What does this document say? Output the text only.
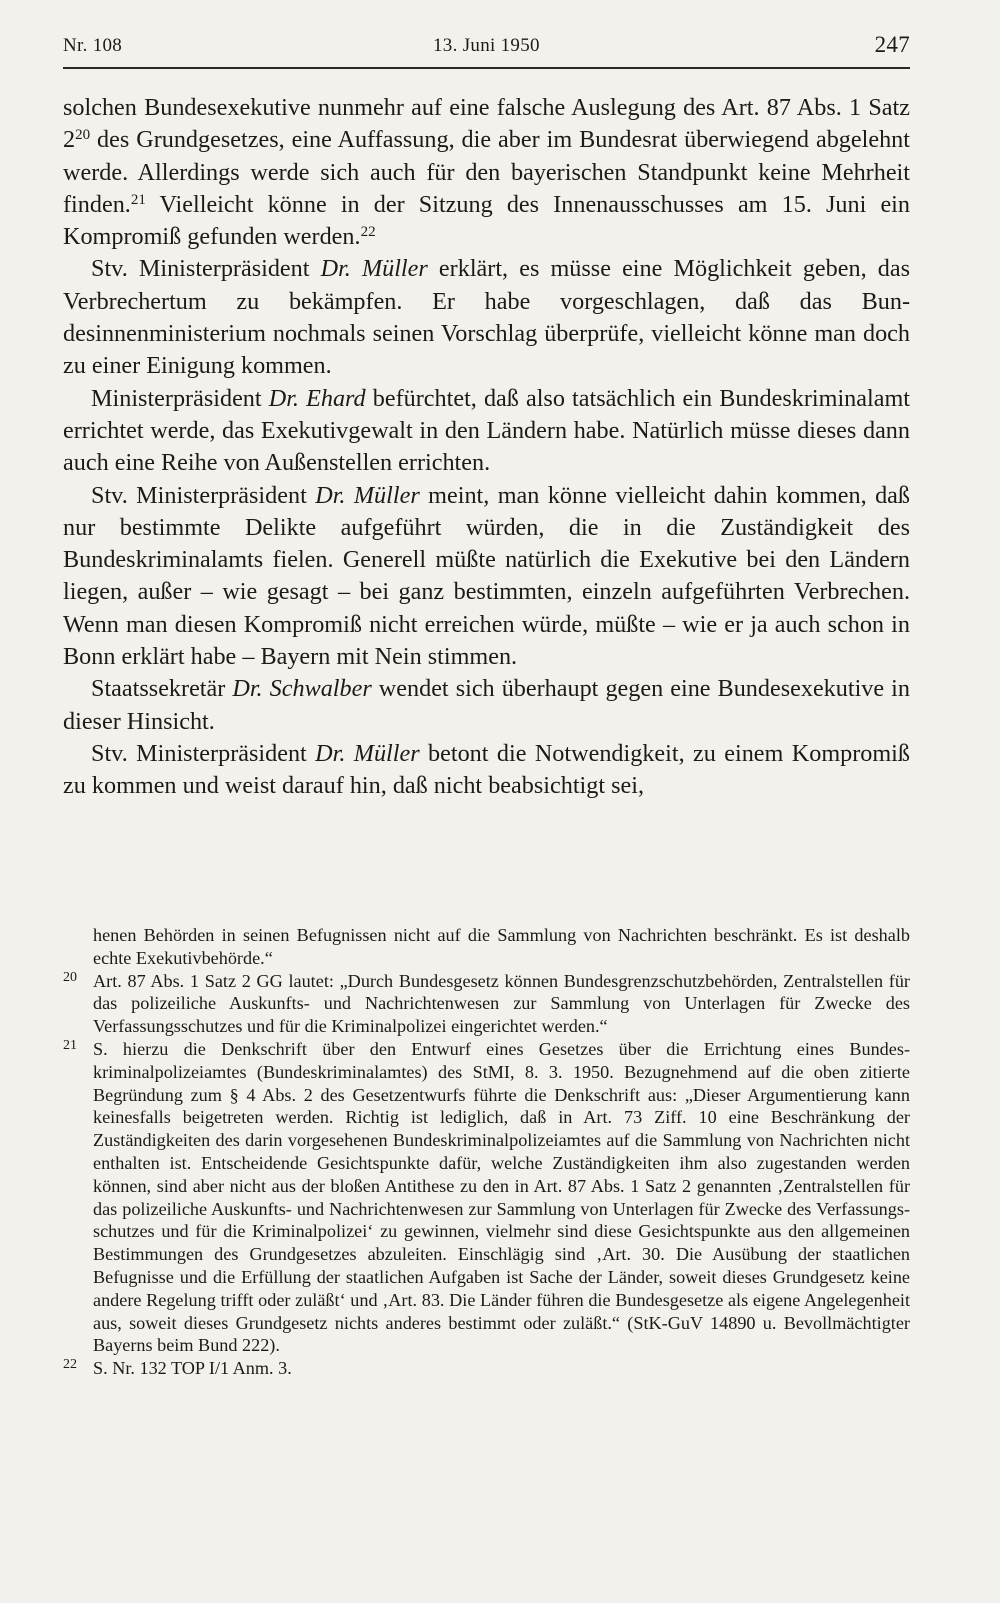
Nr. 108	13. Juni 1950	247

solchen Bundesexekutive nunmehr auf eine falsche Auslegung des Art. 87 Abs. 1 Satz $2^{20}$ des Grundgesetzes, eine Auffassung, die aber im Bundesrat überwiegend abgelehnt werde. Allerdings werde sich auch für den bayerischen Standpunkt keine Mehrheit finden.$^{21}$ Vielleicht könne in der Sitzung des Innenausschusses am 15. Juni ein Kompromiß gefunden werden.$^{22}$

Stv. Ministerpräsident Dr. Müller erklärt, es müsse eine Möglichkeit geben, das Verbrechertum zu bekämpfen. Er habe vorgeschlagen, daß das Bundesinnenministerium nochmals seinen Vorschlag überprüfe, vielleicht könne man doch zu einer Einigung kommen.

Ministerpräsident Dr. Ehard befürchtet, daß also tatsächlich ein Bundeskriminalamt errichtet werde, das Exekutivgewalt in den Ländern habe. Natürlich müsse dieses dann auch eine Reihe von Außenstellen errichten.

Stv. Ministerpräsident Dr. Müller meint, man könne vielleicht dahin kommen, daß nur bestimmte Delikte aufgeführt würden, die in die Zuständigkeit des Bundeskriminalamts fielen. Generell müßte natürlich die Exekutive bei den Ländern liegen, außer – wie gesagt – bei ganz bestimmten, einzeln aufgeführten Verbrechen. Wenn man diesen Kompromiß nicht erreichen würde, müßte – wie er ja auch schon in Bonn erklärt habe – Bayern mit Nein stimmen.

Staatssekretär Dr. Schwalber wendet sich überhaupt gegen eine Bundesexekutive in dieser Hinsicht.

Stv. Ministerpräsident Dr. Müller betont die Notwendigkeit, zu einem Kompromiß zu kommen und weist darauf hin, daß nicht beabsichtigt sei,

henen Behörden in seinen Befugnissen nicht auf die Sammlung von Nachrichten beschränkt. Es ist deshalb echte Exekutivbehörde.“

20 Art. 87 Abs. 1 Satz 2 GG lautet: „Durch Bundesgesetz können Bundesgrenzschutzbehörden, Zentralstellen für das polizeiliche Auskunfts- und Nachrichtenwesen zur Sammlung von Unterlagen für Zwecke des Verfassungsschutzes und für die Kriminalpolizei eingerichtet werden.“

21 S. hierzu die Denkschrift über den Entwurf eines Gesetzes über die Errichtung eines Bundeskriminalpolizeiamtes (Bundeskriminalamtes) des StMI, 8. 3. 1950. Bezugnehmend auf die oben zitierte Begründung zum § 4 Abs. 2 des Gesetzentwurfs führte die Denkschrift aus: „Dieser Argumentierung kann keinesfalls beigetreten werden. Richtig ist lediglich, daß in Art. 73 Ziff. 10 eine Beschränkung der Zuständigkeiten des darin vorgesehenen Bundeskriminalpolizeiamtes auf die Sammlung von Nachrichten nicht enthalten ist. Entscheidende Gesichtspunkte dafür, welche Zuständigkeiten ihm also zugestanden werden können, sind aber nicht aus der bloßen Antithese zu den in Art. 87 Abs. 1 Satz 2 genannten ‚Zentralstellen für das polizeiliche Auskunfts- und Nachrichtenwesen zur Sammlung von Unterlagen für Zwecke des Verfassungsschutzes und für die Kriminalpolizei‘ zu gewinnen, vielmehr sind diese Gesichtspunkte aus den allgemeinen Bestimmungen des Grundgesetzes abzuleiten. Einschlägig sind ‚Art. 30. Die Ausübung der staatlichen Befugnisse und die Erfüllung der staatlichen Aufgaben ist Sache der Länder, soweit dieses Grundgesetz keine andere Regelung trifft oder zuläßt‘ und ‚Art. 83. Die Länder führen die Bundesgesetze als eigene Angelegenheit aus, soweit dieses Grundgesetz nichts anderes bestimmt oder zuläßt.“ (StK-GuV 14890 u. Bevollmächtigter Bayerns beim Bund 222).

22 S. Nr. 132 TOP I/1 Anm. 3.
